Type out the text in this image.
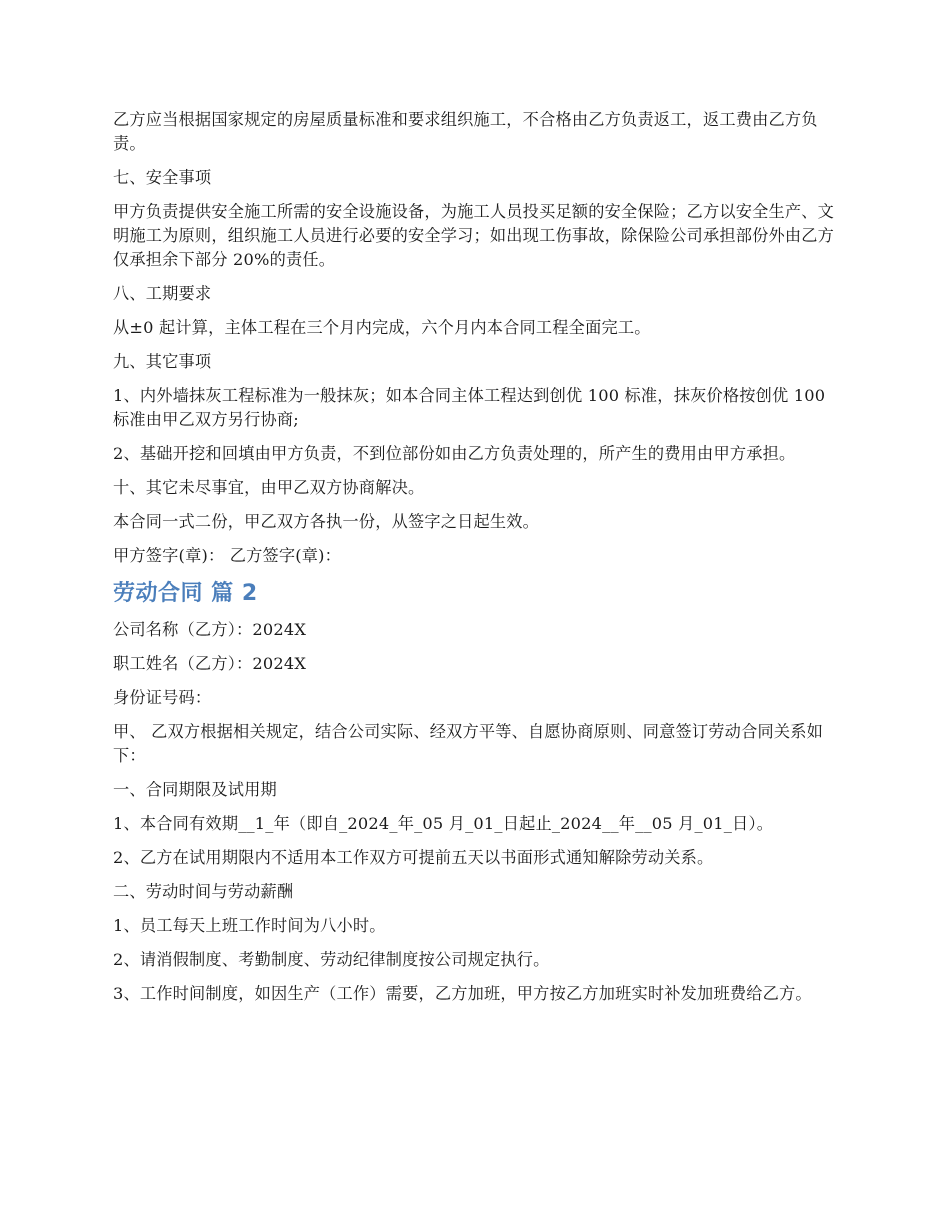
乙方应当根据国家规定的房屋质量标准和要求组织施工，不合格由乙方负责返工，返工费由乙方负责。

七、安全事项

甲方负责提供安全施工所需的安全设施设备，为施工人员投买足额的安全保险；乙方以安全生产、文明施工为原则，组织施工人员进行必要的安全学习；如出现工伤事故，除保险公司承担部份外由乙方仅承担余下部分 20%的责任。

八、工期要求

从±0 起计算，主体工程在三个月内完成，六个月内本合同工程全面完工。

九、其它事项

1、内外墙抹灰工程标准为一般抹灰；如本合同主体工程达到创优 100 标准，抹灰价格按创优 100 标准由甲乙双方另行协商;

2、基础开挖和回填由甲方负责，不到位部份如由乙方负责处理的，所产生的费用由甲方承担。

十、其它未尽事宜，由甲乙双方协商解决。

本合同一式二份，甲乙双方各执一份，从签字之日起生效。

甲方签字(章)： 乙方签字(章)：

劳动合同 篇 2

公司名称（乙方）：2024X

职工姓名（乙方）：2024X

身份证号码：

甲、 乙双方根据相关规定，结合公司实际、经双方平等、自愿协商原则、同意签订劳动合同关系如下：

一、合同期限及试用期

1、本合同有效期__1_年（即自_2024_年_05 月_01_日起止_2024__年__05 月_01_日）。

2、乙方在试用期限内不适用本工作双方可提前五天以书面形式通知解除劳动关系。

二、劳动时间与劳动薪酬

1、员工每天上班工作时间为八小时。

2、请消假制度、考勤制度、劳动纪律制度按公司规定执行。

3、工作时间制度，如因生产（工作）需要，乙方加班，甲方按乙方加班实时补发加班费给乙方。
